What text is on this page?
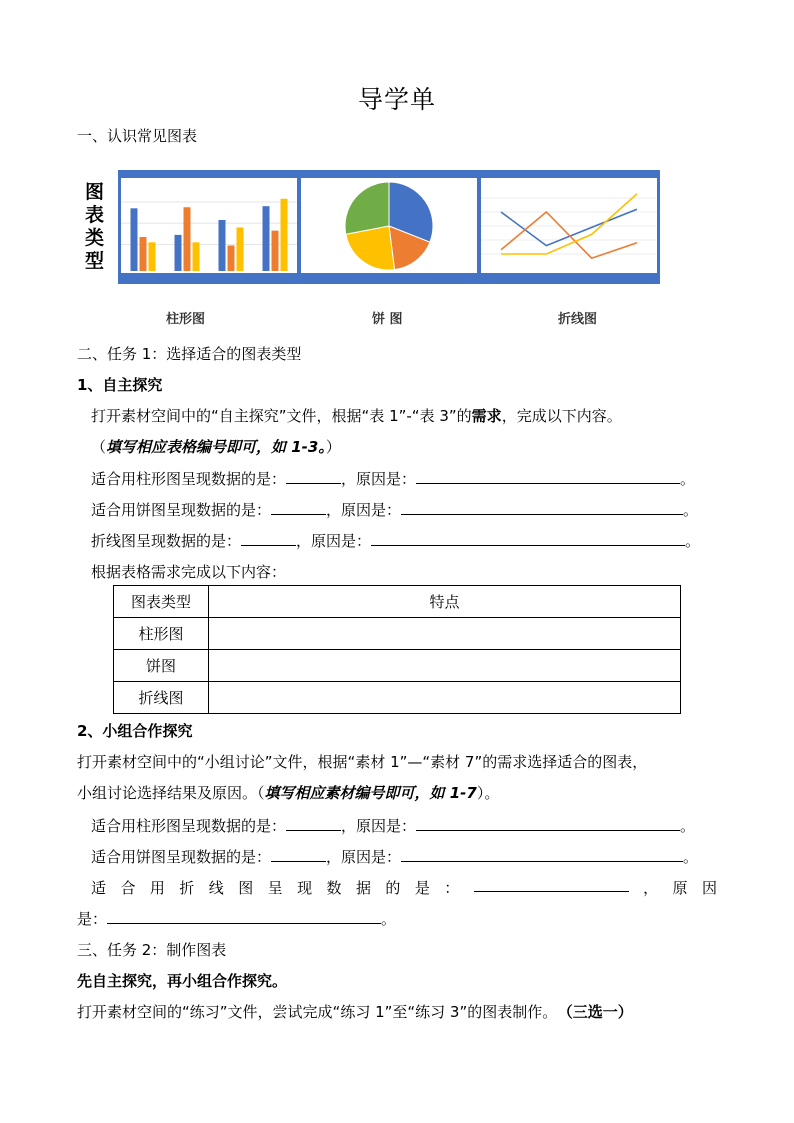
导学单
一、认识常见图表
图
表
类
型
柱形图	饼 图	折线图
二、任务 1：选择适合的图表类型
1、自主探究
打开素材空间中的“自主探究”文件，根据“表 1”-“表 3”的需求，完成以下内容。
（填写相应表格编号即可，如 1-3。）
适合用柱形图呈现数据的是：	，原因是：	。
适合用饼图呈现数据的是：	，原因是：	。
折线图呈现数据的是：	，原因是：	。
根据表格需求完成以下内容：
图表类型	特点
柱形图	
饼图	
折线图	
2、小组合作探究
打开素材空间中的“小组讨论”文件，根据“素材 1”—“素材 7”的需求选择适合的图表，
小组讨论选择结果及原因。（填写相应素材编号即可，如 1-7）。
适合用柱形图呈现数据的是：	，原因是：	。
适合用饼图呈现数据的是：	，原因是：	。
适 合 用 折 线 图 呈 现 数 据 的 是 ：	， 原 因
是：	。
三、任务 2：制作图表
先自主探究，再小组合作探究。
打开素材空间的“练习”文件，尝试完成“练习 1”至“练习 3”的图表制作。 （三选一）
